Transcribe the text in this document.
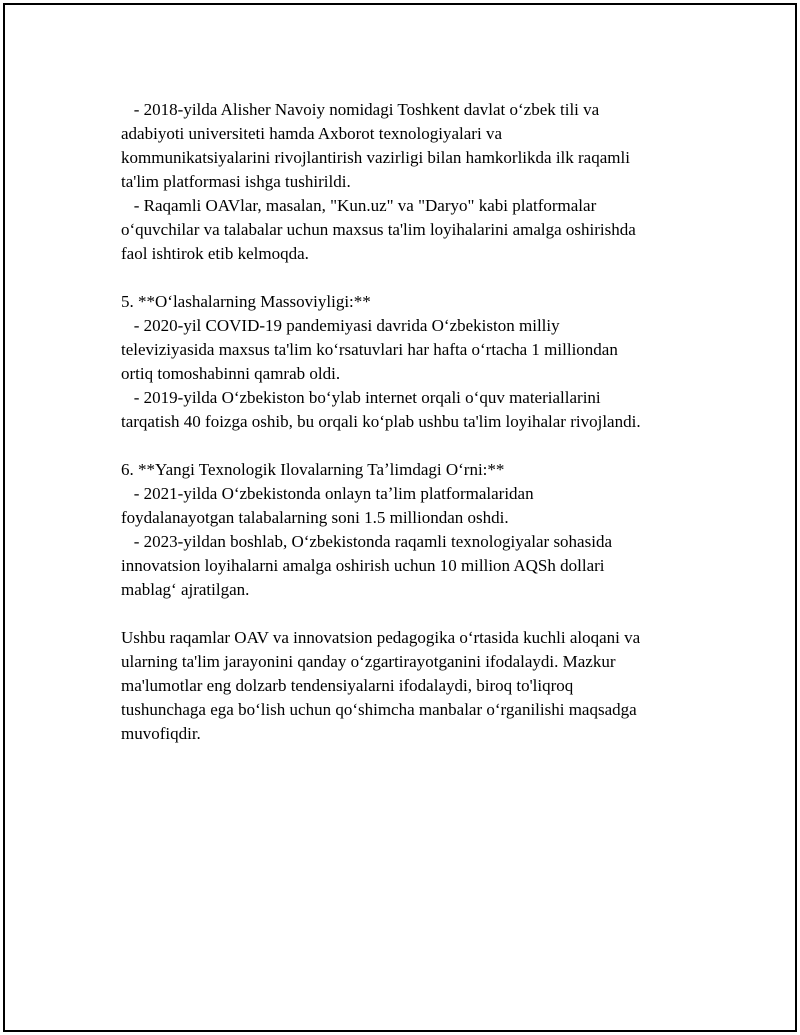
- 2018-yilda Alisher Navoiy nomidagi Toshkent davlat oʻzbek tili va
adabiyoti universiteti hamda Axborot texnologiyalari va
kommunikatsiyalarini rivojlantirish vazirligi bilan hamkorlikda ilk raqamli
ta'lim platformasi ishga tushirildi.
- Raqamli OAVlar, masalan, "Kun.uz" va "Daryo" kabi platformalar
oʻquvchilar va talabalar uchun maxsus ta'lim loyihalarini amalga oshirishda
faol ishtirok etib kelmoqda.
5. **Oʻlashalarning Massoviyligi:**
- 2020-yil COVID-19 pandemiyasi davrida Oʻzbekiston milliy
televiziyasida maxsus ta'lim koʻrsatuvlari har hafta oʻrtacha 1 milliondan
ortiq tomoshabinni qamrab oldi.
- 2019-yilda Oʻzbekiston boʻylab internet orqali oʻquv materiallarini
tarqatish 40 foizga oshib, bu orqali koʻplab ushbu ta'lim loyihalar rivojlandi.
6. **Yangi Texnologik Ilovalarning Taʼlimdagi Oʻrni:**
- 2021-yilda Oʻzbekistonda onlayn taʼlim platformalaridan
foydalanayotgan talabalarning soni 1.5 milliondan oshdi.
- 2023-yildan boshlab, Oʻzbekistonda raqamli texnologiyalar sohasida
innovatsion loyihalarni amalga oshirish uchun 10 million AQSh dollari
mablagʻ ajratilgan.
Ushbu raqamlar OAV va innovatsion pedagogika oʻrtasida kuchli aloqani va
ularning ta'lim jarayonini qanday oʻzgartirayotganini ifodalaydi. Mazkur
ma'lumotlar eng dolzarb tendensiyalarni ifodalaydi, biroq to'liqroq
tushunchaga ega boʻlish uchun qoʻshimcha manbalar oʻrganilishi maqsadga
muvofiqdir.
